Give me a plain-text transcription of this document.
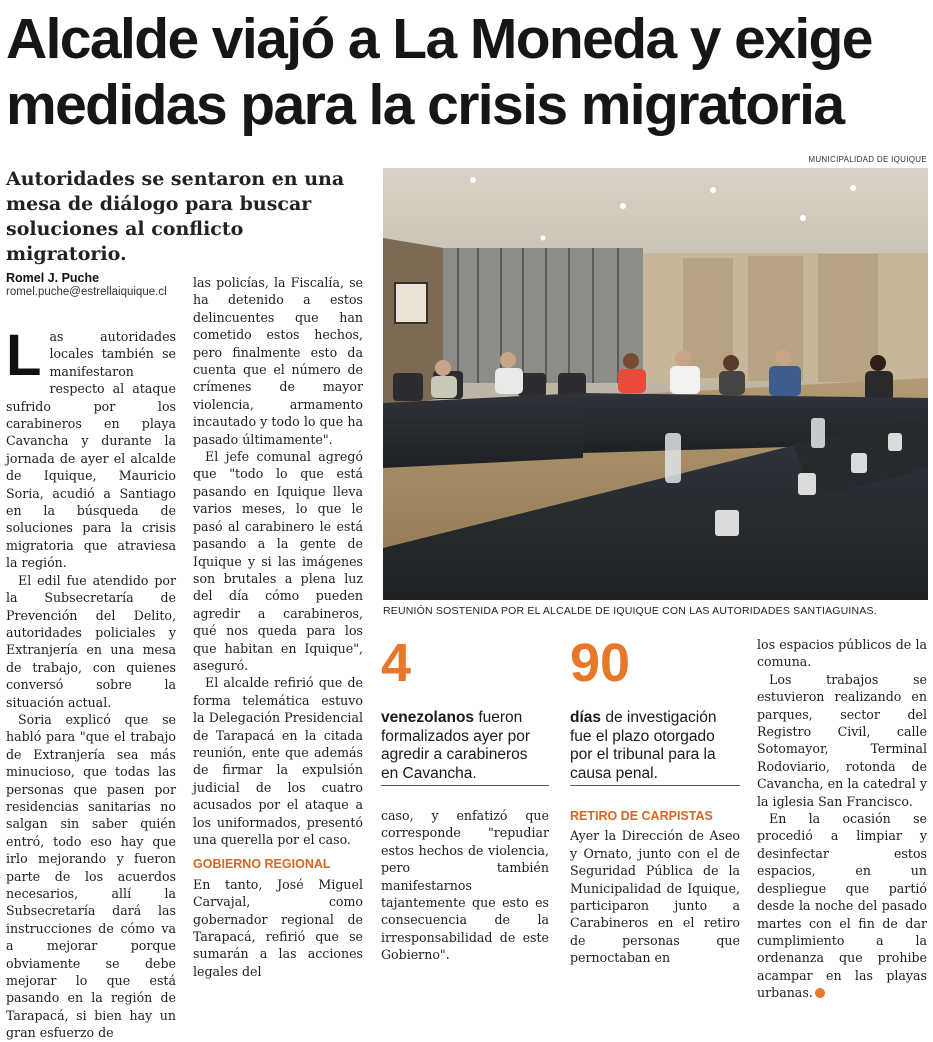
Alcalde viajó a La Moneda y exige
medidas para la crisis migratoria
Autoridades se sentaron en una mesa de diálogo para buscar soluciones al conflicto migratorio.
MUNICIPALIDAD DE IQUIQUE
REUNIÓN SOSTENIDA POR EL ALCALDE DE IQUIQUE CON LAS AUTORIDADES SANTIAGUINAS.
Romel J. Puche
romel.puche@estrellaiquique.cl

Las autoridades locales también se manifestaron respecto al ataque sufrido por los carabineros en playa Cavancha y durante la jornada de ayer el alcalde de Iquique, Mauricio Soria, acudió a Santiago en la búsqueda de soluciones para la crisis migratoria que atraviesa la región.

El edil fue atendido por la Subsecretaría de Prevención del Delito, autoridades policiales y Extranjería en una mesa de trabajo, con quienes conversó sobre la situación actual.

Soria explicó que se habló para "que el trabajo de Extranjería sea más minucioso, que todas las personas que pasen por residencias sanitarias no salgan sin saber quién entró, todo eso hay que irlo mejorando y fueron parte de los acuerdos necesarios, allí la Subsecretaría dará las instrucciones de cómo va a mejorar porque obviamente se debe mejorar lo que está pasando en la región de Tarapacá, si bien hay un gran esfuerzo de

las policías, la Fiscalía, se ha detenido a estos delincuentes que han cometido estos hechos, pero finalmente esto da cuenta que el número de crímenes de mayor violencia, armamento incautado y todo lo que ha pasado últimamente".

El jefe comunal agregó que "todo lo que está pasando en Iquique lleva varios meses, lo que le pasó al carabinero le está pasando a la gente de Iquique y si las imágenes son brutales a plena luz del día cómo pueden agredir a carabineros, qué nos queda para los que habitan en Iquique", aseguró.

El alcalde refirió que de forma telemática estuvo la Delegación Presidencial de Tarapacá en la citada reunión, ente que además de firmar la expulsión judicial de los cuatro acusados por el ataque a los uniformados, presentó una querella por el caso.

GOBIERNO REGIONAL

En tanto, José Miguel Carvajal, como gobernador regional de Tarapacá, refirió que se sumarán a las acciones legales del

4
venezolanos fueron formalizados ayer por agredir a carabineros en Cavancha.
90
días de investigación fue el plazo otorgado por el tribunal para la causa penal.

caso, y enfatizó que corresponde "repudiar estos hechos de violencia, pero también manifestarnos tajantemente que esto es consecuencia de la irresponsabilidad de este Gobierno".

RETIRO DE CARPISTAS

Ayer la Dirección de Aseo y Ornato, junto con el de Seguridad Pública de la Municipalidad de Iquique, participaron junto a Carabineros en el retiro de personas que pernoctaban en

los espacios públicos de la comuna.

Los trabajos se estuvieron realizando en parques, sector del Registro Civil, calle Sotomayor, Terminal Rodoviario, rotonda de Cavancha, en la catedral y la iglesia San Francisco.

En la ocasión se procedió a limpiar y desinfectar estos espacios, en un despliegue que partió desde la noche del pasado martes con el fin de dar cumplimiento a la ordenanza que prohibe acampar en las playas urbanas.
